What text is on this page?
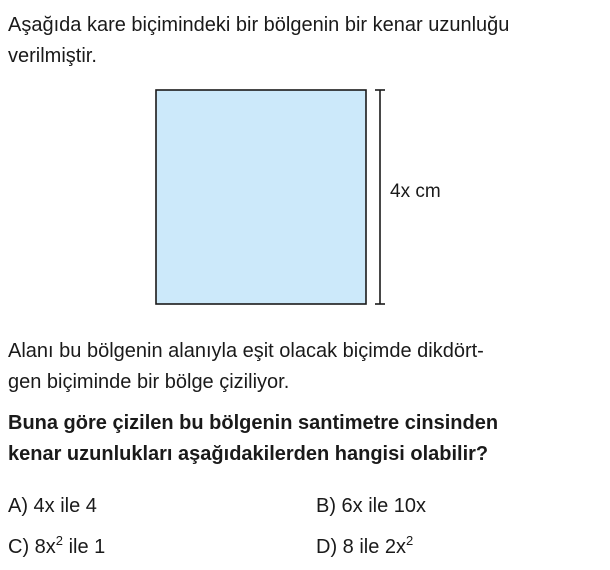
Aşağıda kare biçimindeki bir bölgenin bir kenar uzunluğu
verilmiştir.
4x cm
Alanı bu bölgenin alanıyla eşit olacak biçimde dikdört-
gen biçiminde bir bölge çiziliyor.
Buna göre çizilen bu bölgenin santimetre cinsinden
kenar uzunlukları aşağıdakilerden hangisi olabilir?
A) 4x ile 4	B) 6x ile 10x
C) $8x^2$ ile 1	D) 8 ile $2x^2$
